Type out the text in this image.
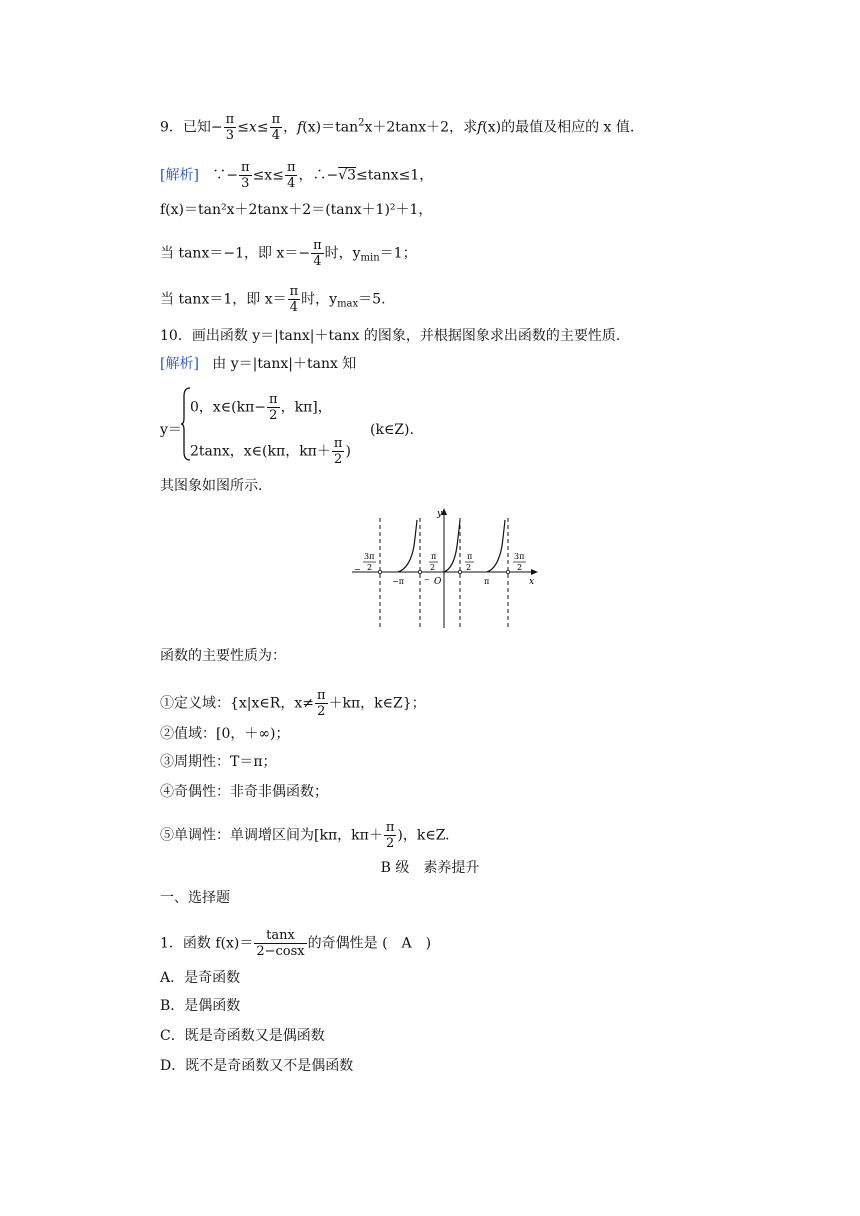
9．已知− $\frac{\pi}{3} \le x\le \frac{\pi}{4}$ ，$f(x)=\tan^2x+2\tan x+2$，求f(x)的最值及相应的 x 值.
[解析] ∵− $\frac{\pi}{3} \le x\le \frac{\pi}{4}$ ，∴−√3≤tanx≤1，
f(x)＝tan²x＋2tanx＋2＝(tanx＋1)²＋1，
当 tanx＝−1，即 $x=- \frac{\pi}{4}$ 时，$y_{min}=1$；
当 tanx＝1，即 $x= \frac{\pi}{4}$ 时，$y_{max}=5$.
10．画出函数 y＝|tanx|＋tanx 的图象，并根据图象求出函数的主要性质.
[解析] 由 y＝|tanx|＋tanx 知
y＝
0，x∈(kπ− $\frac{\pi}{2}$ ，kπ]，
2tanx，x∈(kπ，$k\pi+ \frac{\pi}{2}$ )
(k∈Z).
其图象如图所示.
y
x
O
−π	π
−
3π
2
−
π
2
π
2
3π
2
函数的主要性质为：
①定义域：{x|x∈R，$x\ne \frac{\pi}{2} +k\pi$，k∈Z}；
②值域：[0，＋∞)；
③周期性：T＝π；
④奇偶性：非奇非偶函数；
⑤单调性：单调增区间为[kπ，$k\pi+ \frac{\pi}{2}$ )，k∈Z.
B 级　素养提升
一、选择题
1．函数 $f(x)= \frac{\tan x}{2-\cos x}$ 的奇偶性是 (　A　)
A．是奇函数
B．是偶函数
C．既是奇函数又是偶函数
D．既不是奇函数又不是偶函数
